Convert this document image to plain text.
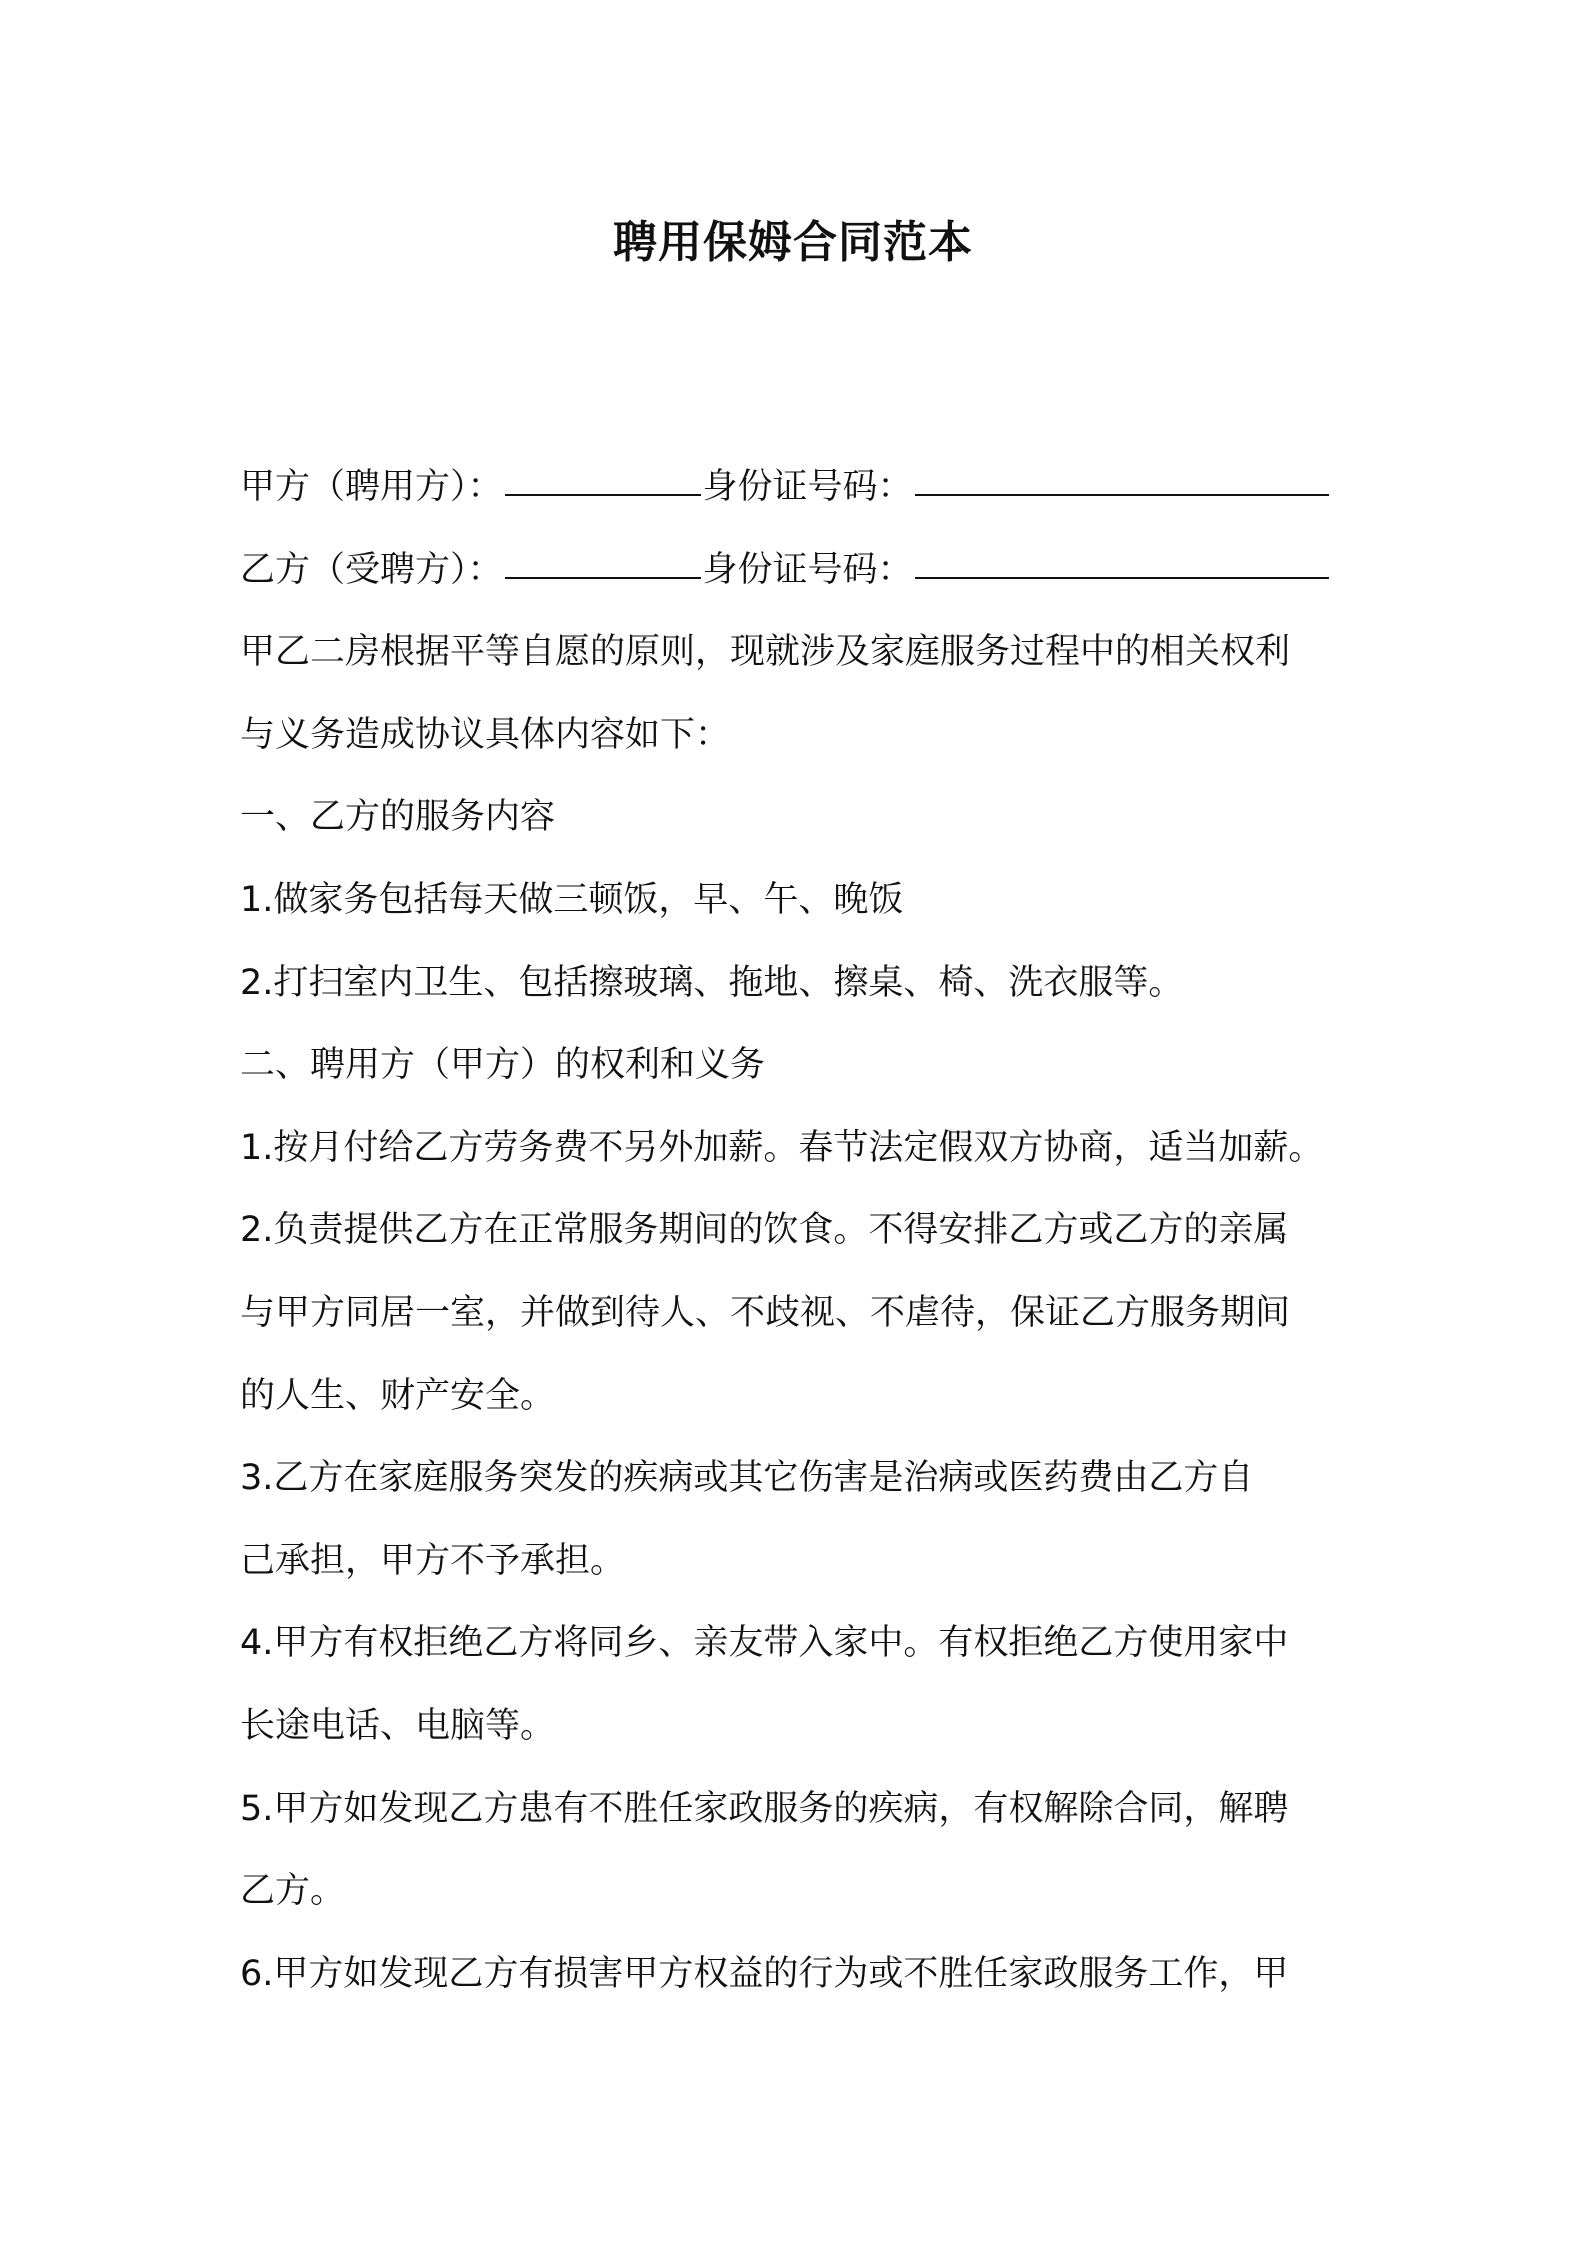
聘用保姆合同范本
甲方（聘用方）：	身份证号码：
乙方（受聘方）：	身份证号码：
甲乙二房根据平等自愿的原则，现就涉及家庭服务过程中的相关权利
与义务造成协议具体内容如下：
一、乙方的服务内容
1.做家务包括每天做三顿饭，早、午、晚饭
2.打扫室内卫生、包括擦玻璃、拖地、擦桌、椅、洗衣服等。
二、聘用方（甲方）的权利和义务
1.按月付给乙方劳务费不另外加薪。春节法定假双方协商，适当加薪。
2.负责提供乙方在正常服务期间的饮食。不得安排乙方或乙方的亲属
与甲方同居一室，并做到待人、不歧视、不虐待，保证乙方服务期间
的人生、财产安全。
3.乙方在家庭服务突发的疾病或其它伤害是治病或医药费由乙方自
己承担，甲方不予承担。
4.甲方有权拒绝乙方将同乡、亲友带入家中。有权拒绝乙方使用家中
长途电话、电脑等。
5.甲方如发现乙方患有不胜任家政服务的疾病，有权解除合同，解聘
乙方。
6.甲方如发现乙方有损害甲方权益的行为或不胜任家政服务工作，甲
